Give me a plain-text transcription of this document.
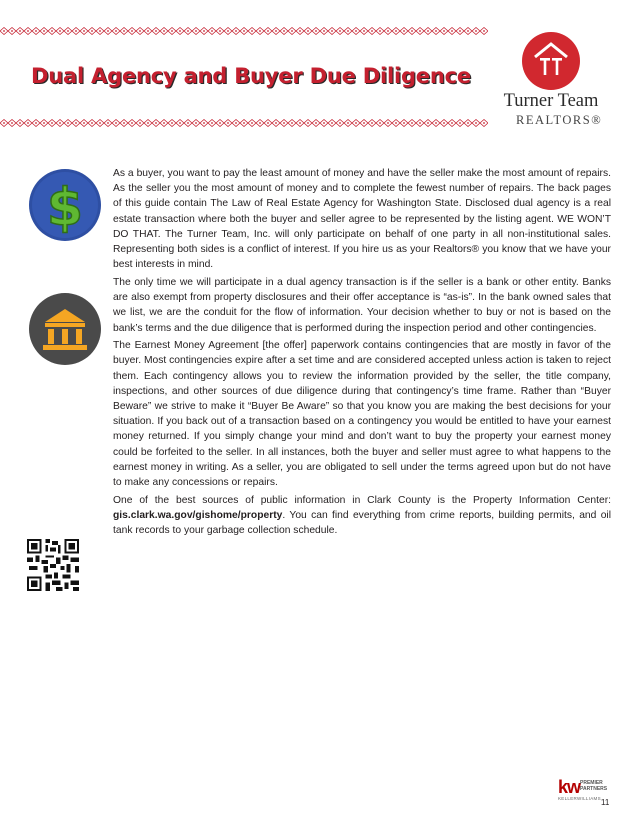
Dual Agency and Buyer Due Diligence
Turner Team
REALTORS®
$

As a buyer, you want to pay the least amount of money and have the seller make the most amount of repairs. As the seller you the most amount of money and to complete the fewest number of repairs. The back pages of this guide contain The Law of Real Estate Agency for Washington State. Disclosed dual agency is a real estate transaction where both the buyer and seller agree to be represented by the listing agent. WE WON’T DO THAT. The Turner Team, Inc. will only participate on behalf of one party in all non-institutional sales. Representing both sides is a conflict of interest. If you hire us as your Realtors® you know that we have your best interests in mind.

The only time we will participate in a dual agency transaction is if the seller is a bank or other entity. Banks are also exempt from property disclosures and their offer acceptance is “as-is”. In the bank owned sales that we list, we are the conduit for the flow of information. Your decision whether to buy or not is based on the bank’s terms and the due diligence that is performed during the inspection period and other contingencies.

The Earnest Money Agreement [the offer] paperwork contains contingencies that are mostly in favor of the buyer. Most contingencies expire after a set time and are considered accepted unless action is taken to reject them. Each contingency allows you to review the information provided by the seller, the title company, inspections, and other sources of due diligence during that contingency’s time frame. Rather than “Buyer Beware” we strive to make it “Buyer Be Aware” so that you know you are making the best decisions for your situation. If you back out of a transaction based on a contingency you would be entitled to have your earnest money returned. If you simply change your mind and don’t want to buy the property your earnest money could be forfeited to the seller. In all instances, both the buyer and seller must agree to what happens to the earnest money in writing. As a seller, you are obligated to sell under the terms agreed upon but do not have to make any concessions or repairs.

One of the best sources of public information in Clark County is the Property Information Center: gis.clark.wa.gov/gishome/property. You can find everything from crime reports, building permits, and oil tank records to your garbage collection schedule.

kw PREMIER
PARTNERS
KELLERWILLIAMS.
11
